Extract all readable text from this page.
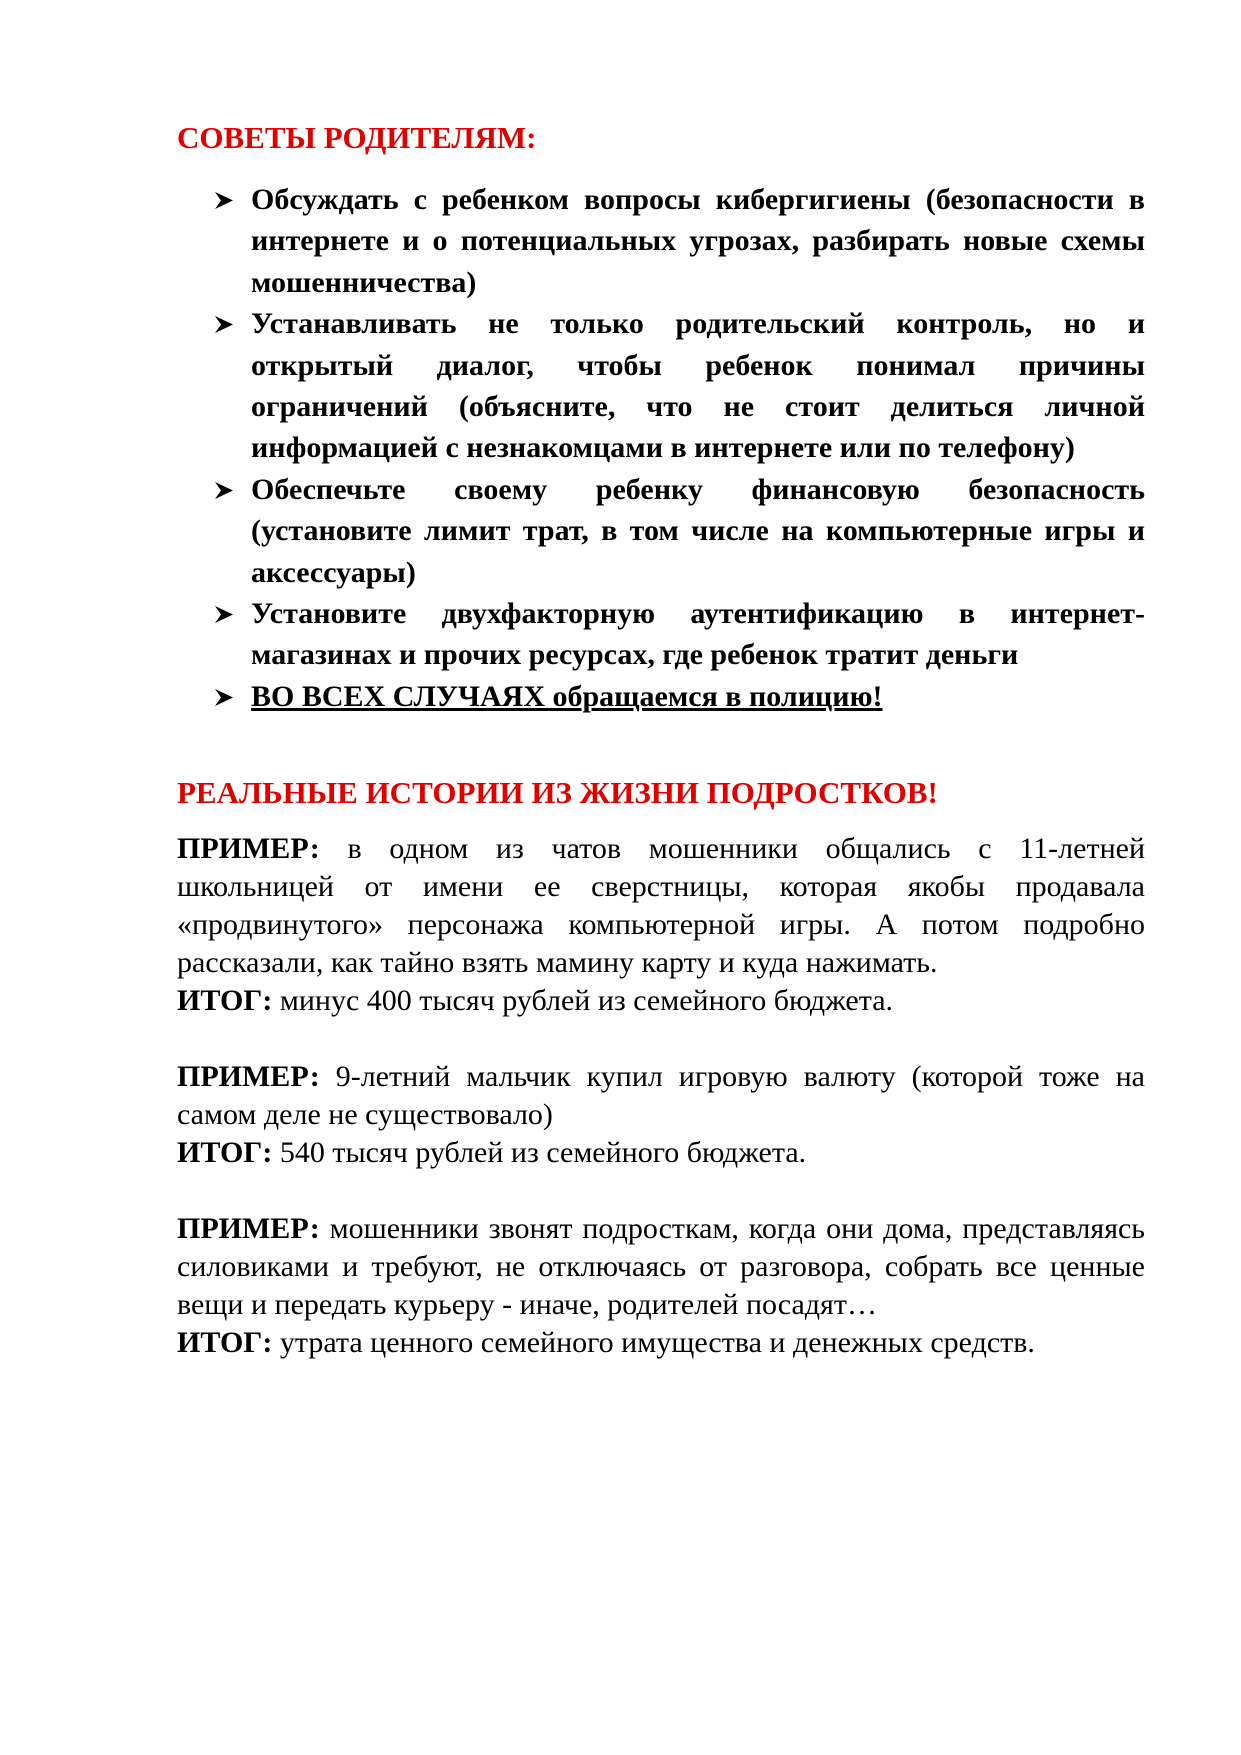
СОВЕТЫ РОДИТЕЛЯМ:
Обсуждать с ребенком вопросы кибергигиены (безопасности в интернете и о потенциальных угрозах, разбирать новые схемы мошенничества)
Устанавливать не только родительский контроль, но и открытый диалог, чтобы ребенок понимал причины ограничений (объясните, что не стоит делиться личной информацией с незнакомцами в интернете или по телефону)
Обеспечьте своему ребенку финансовую безопасность (установите лимит трат, в том числе на компьютерные игры и аксессуары)
Установите двухфакторную аутентификацию в интернет-магазинах и прочих ресурсах, где ребенок тратит деньги
ВО ВСЕХ СЛУЧАЯХ обращаемся в полицию!
РЕАЛЬНЫЕ ИСТОРИИ ИЗ ЖИЗНИ ПОДРОСТКОВ!

ПРИМЕР: в одном из чатов мошенники общались с 11-летней школьницей от имени ее сверстницы, которая якобы продавала «продвинутого» персонажа компьютерной игры. А потом подробно рассказали, как тайно взять мамину карту и куда нажимать.

ИТОГ: минус 400 тысяч рублей из семейного бюджета.

ПРИМЕР: 9-летний мальчик купил игровую валюту (которой тоже на самом деле не существовало)

ИТОГ: 540 тысяч рублей из семейного бюджета.

ПРИМЕР: мошенники звонят подросткам, когда они дома, представляясь силовиками и требуют, не отключаясь от разговора, собрать все ценные вещи и передать курьеру - иначе, родителей посадят…

ИТОГ: утрата ценного семейного имущества и денежных средств.
